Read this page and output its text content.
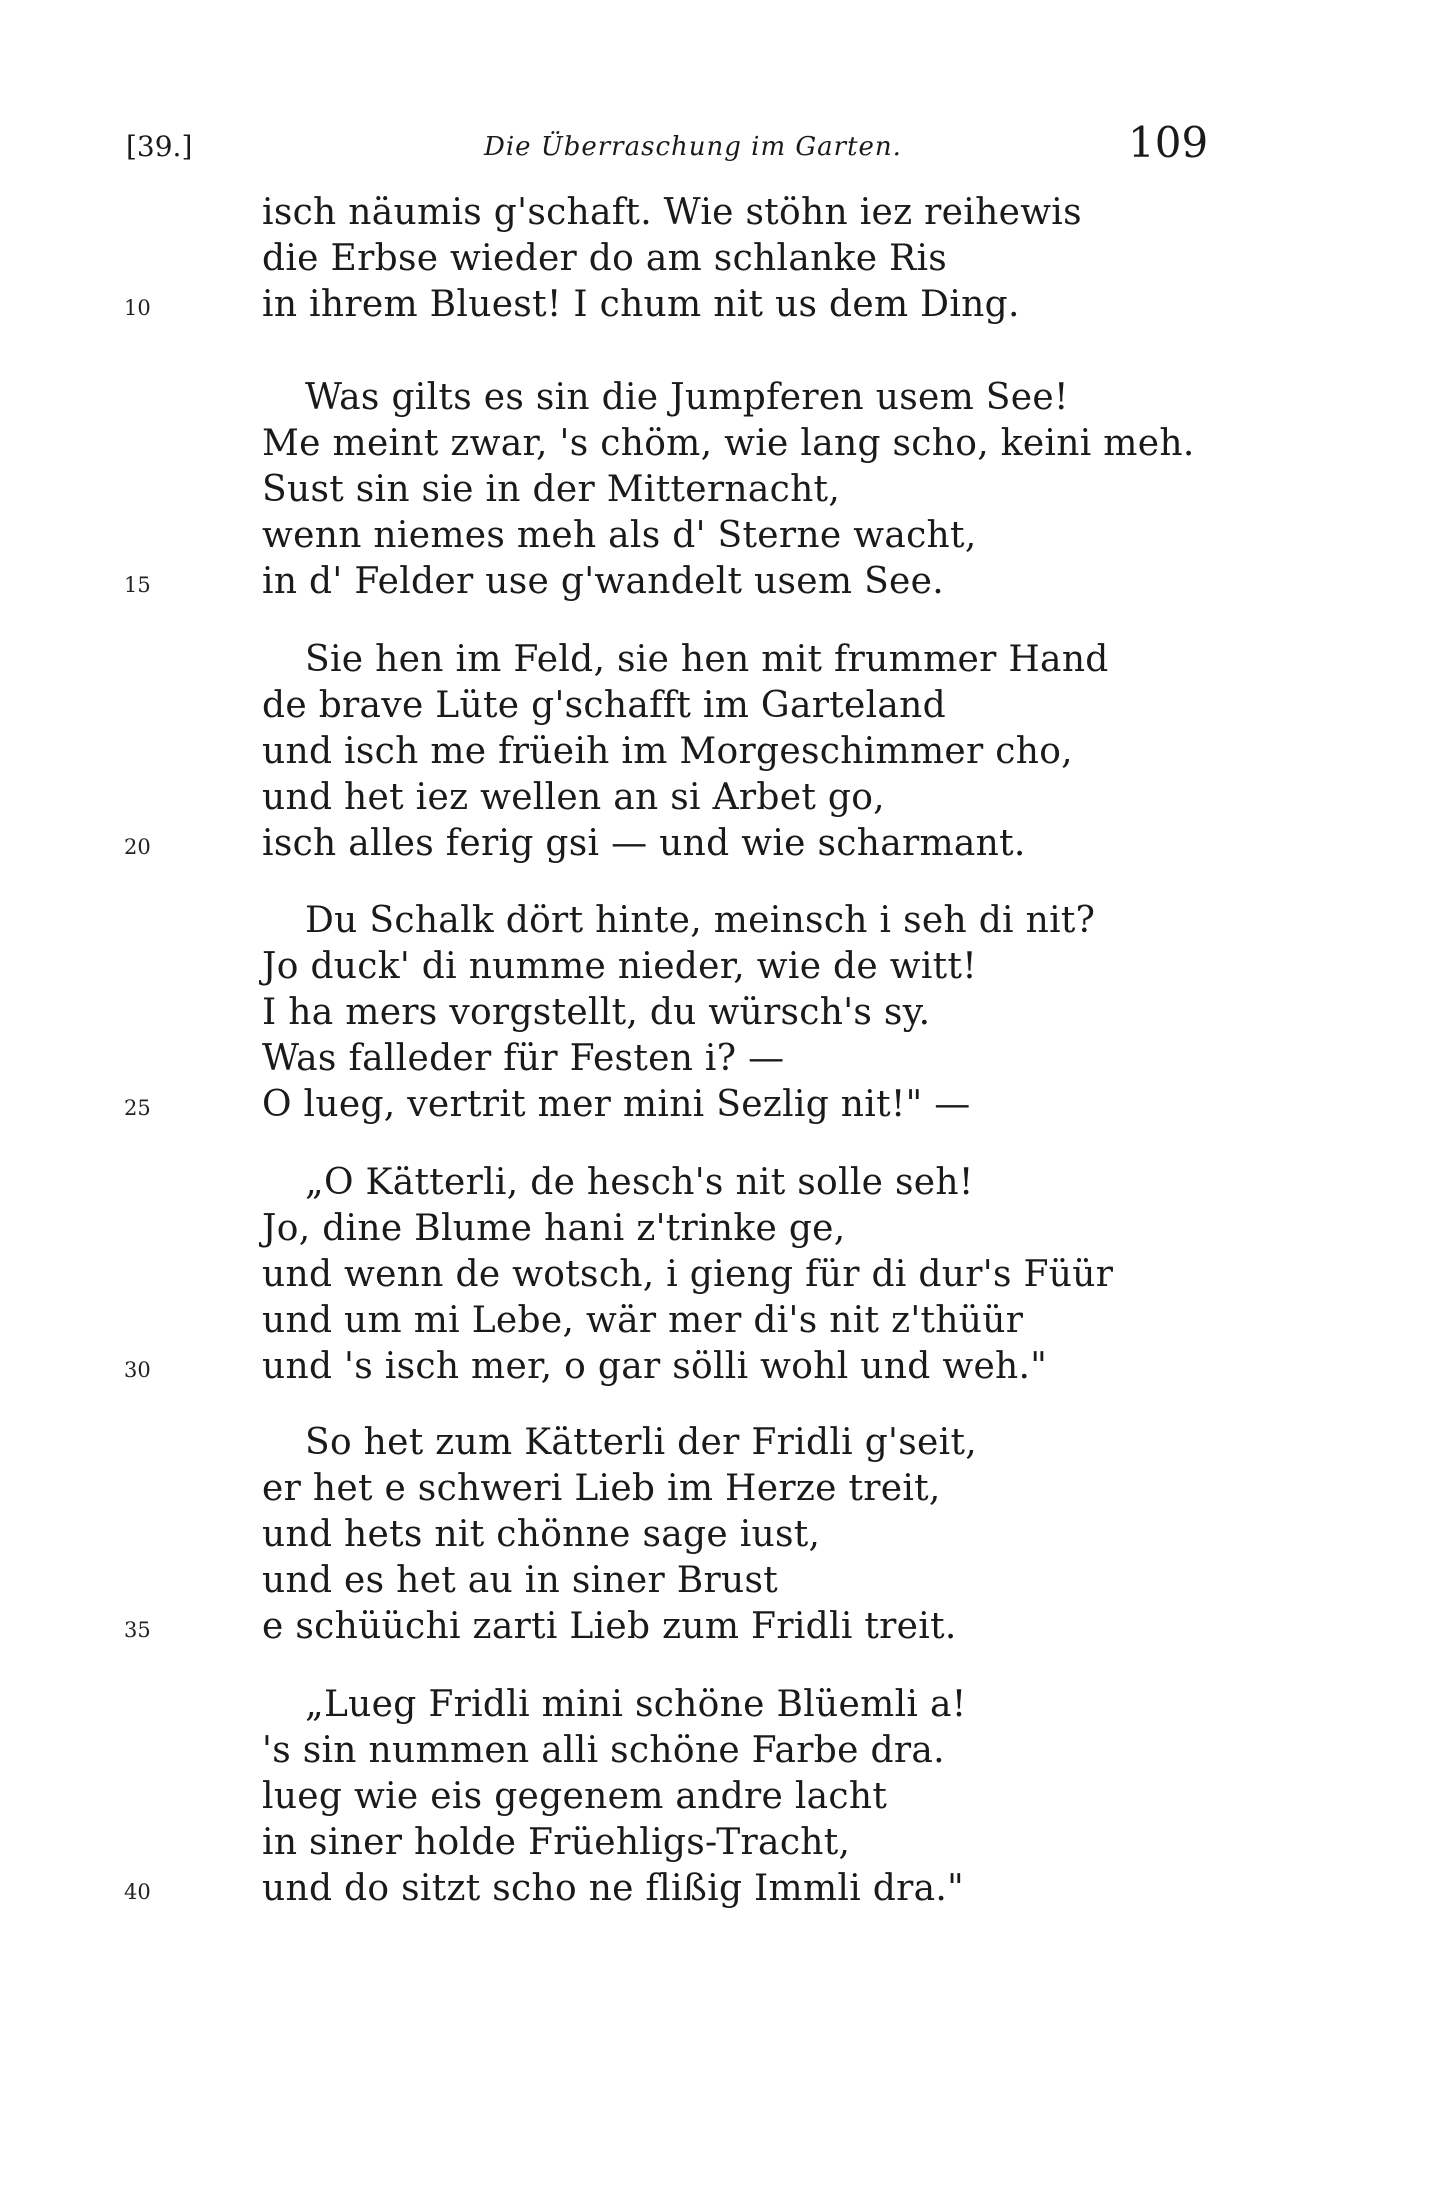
[39.]	Die Überraschung im Garten.	109
isch näumis g'schaft. Wie stöhn iez reihewis
die Erbse wieder do am schlanke Ris
10	in ihrem Bluest! I chum nit us dem Ding.
Was gilts es sin die Jumpferen usem See!
Me meint zwar, 's chöm, wie lang scho, keini meh.
Sust sin sie in der Mitternacht,
wenn niemes meh als d' Sterne wacht,
15	in d' Felder use g'wandelt usem See.
Sie hen im Feld, sie hen mit frummer Hand
de brave Lüte g'schafft im Garteland
und isch me früeih im Morgeschimmer cho,
und het iez wellen an si Arbet go,
20	isch alles ferig gsi — und wie scharmant.
Du Schalk dört hinte, meinsch i seh di nit?
Jo duck' di numme nieder, wie de witt!
I ha mers vorgstellt, du würsch's sy.
Was falleder für Festen i? —
25	O lueg, vertrit mer mini Sezlig nit!" —
„O Kätterli, de hesch's nit solle seh!
Jo, dine Blume hani z'trinke ge,
und wenn de wotsch, i gieng für di dur's Füür
und um mi Lebe, wär mer di's nit z'thüür
30	und 's isch mer, o gar sölli wohl und weh."
So het zum Kätterli der Fridli g'seit,
er het e schweri Lieb im Herze treit,
und hets nit chönne sage iust,
und es het au in siner Brust
35	e schüüchi zarti Lieb zum Fridli treit.
„Lueg Fridli mini schöne Blüemli a!
's sin nummen alli schöne Farbe dra.
lueg wie eis gegenem andre lacht
in siner holde Früehligs-Tracht,
40	und do sitzt scho ne flißig Immli dra."
